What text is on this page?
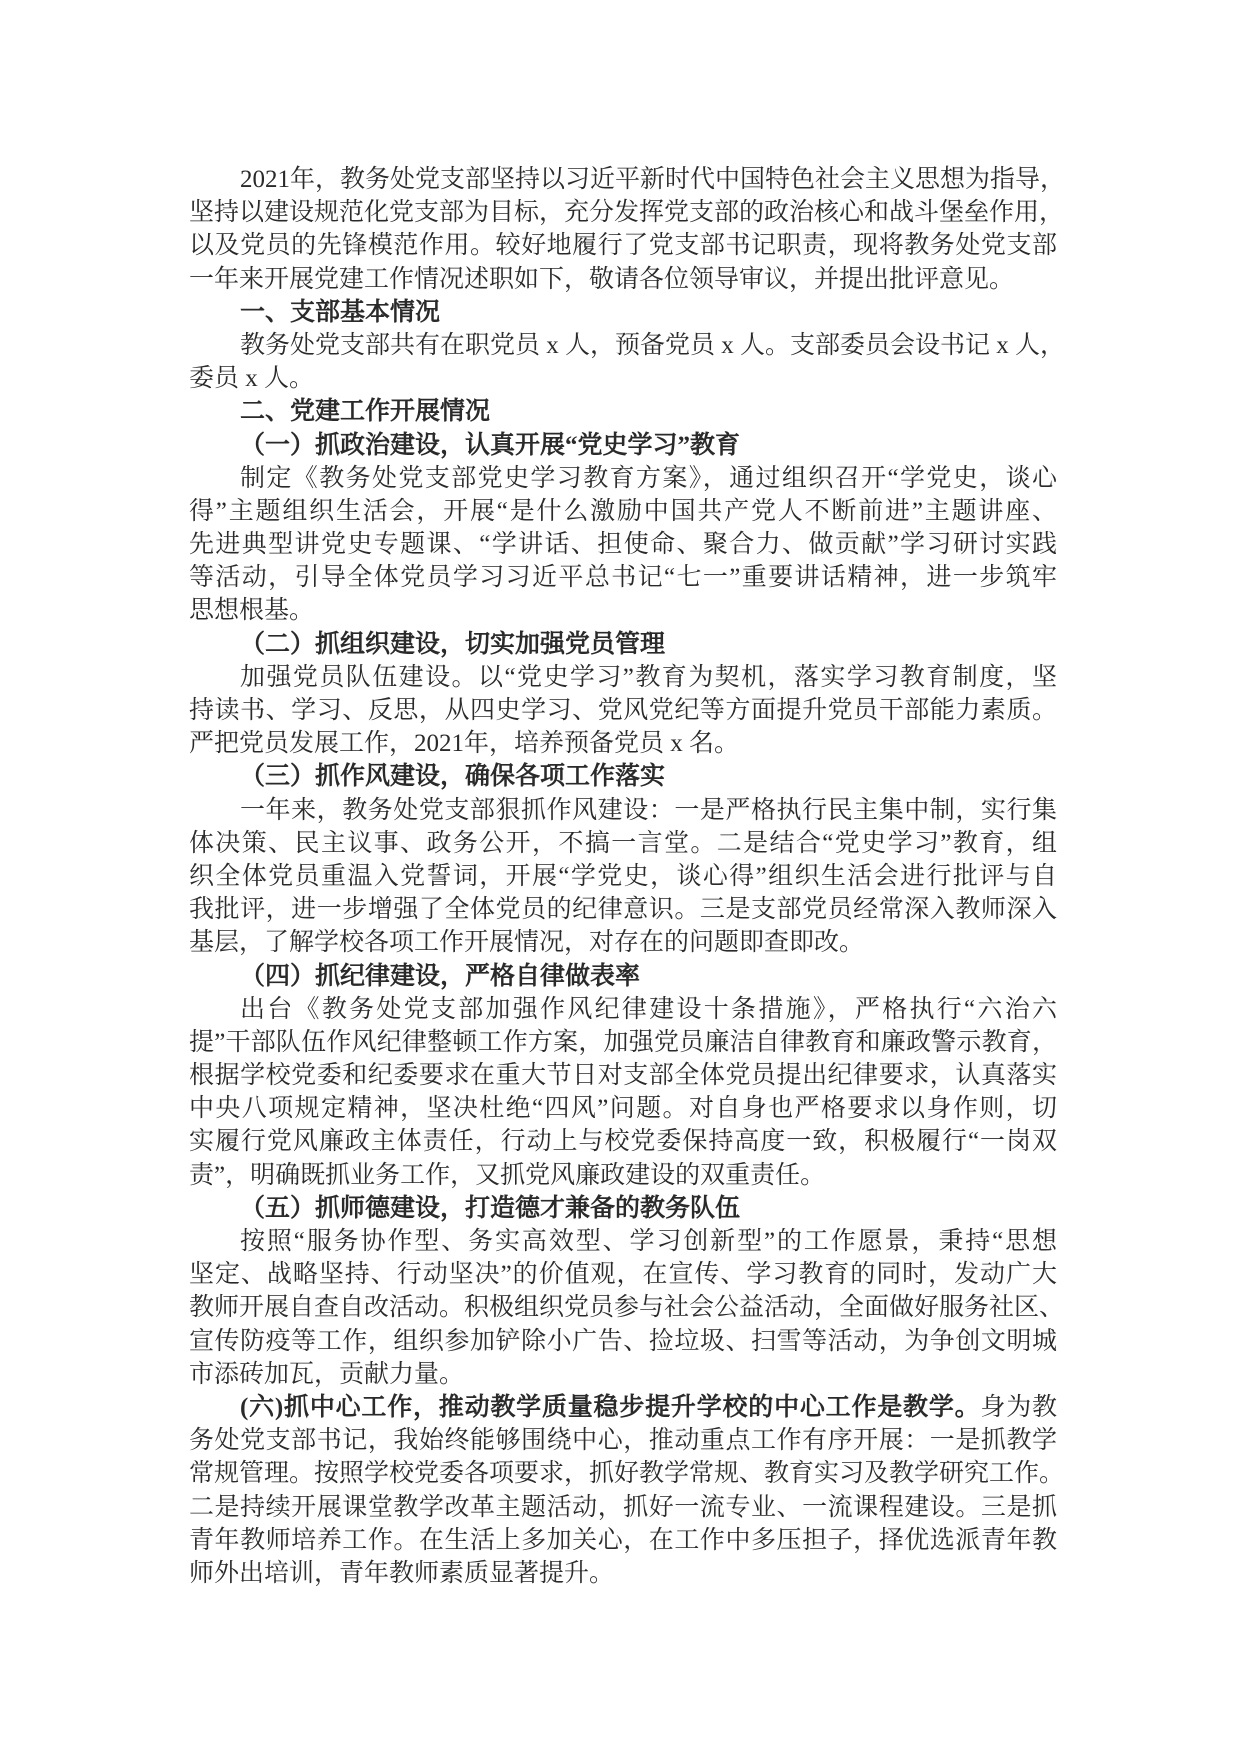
2021年，教务处党支部坚持以习近平新时代中国特色社会主义思想为指导，
坚持以建设规范化党支部为目标，充分发挥党支部的政治核心和战斗堡垒作用，
以及党员的先锋模范作用。较好地履行了党支部书记职责，现将教务处党支部
一年来开展党建工作情况述职如下，敬请各位领导审议，并提出批评意见。
一、支部基本情况
教务处党支部共有在职党员 x 人，预备党员 x 人。支部委员会设书记 x 人，
委员 x 人。
二、党建工作开展情况
（一）抓政治建设，认真开展“党史学习”教育
制定《教务处党支部党史学习教育方案》，通过组织召开“学党史，谈心
得”主题组织生活会，开展“是什么激励中国共产党人不断前进”主题讲座、
先进典型讲党史专题课、“学讲话、担使命、聚合力、做贡献”学习研讨实践
等活动，引导全体党员学习习近平总书记“七一”重要讲话精神，进一步筑牢
思想根基。
（二）抓组织建设，切实加强党员管理
加强党员队伍建设。以“党史学习”教育为契机，落实学习教育制度，坚
持读书、学习、反思，从四史学习、党风党纪等方面提升党员干部能力素质。
严把党员发展工作，2021年，培养预备党员 x 名。
（三）抓作风建设，确保各项工作落实
一年来，教务处党支部狠抓作风建设：一是严格执行民主集中制，实行集
体决策、民主议事、政务公开，不搞一言堂。二是结合“党史学习”教育，组
织全体党员重温入党誓词，开展“学党史，谈心得”组织生活会进行批评与自
我批评，进一步增强了全体党员的纪律意识。三是支部党员经常深入教师深入
基层，了解学校各项工作开展情况，对存在的问题即查即改。
（四）抓纪律建设，严格自律做表率
出台《教务处党支部加强作风纪律建设十条措施》，严格执行“六治六
提”干部队伍作风纪律整顿工作方案，加强党员廉洁自律教育和廉政警示教育，
根据学校党委和纪委要求在重大节日对支部全体党员提出纪律要求，认真落实
中央八项规定精神，坚决杜绝“四风”问题。对自身也严格要求以身作则，切
实履行党风廉政主体责任，行动上与校党委保持高度一致，积极履行“一岗双
责”，明确既抓业务工作，又抓党风廉政建设的双重责任。
（五）抓师德建设，打造德才兼备的教务队伍
按照“服务协作型、务实高效型、学习创新型”的工作愿景，秉持“思想
坚定、战略坚持、行动坚决”的价值观，在宣传、学习教育的同时，发动广大
教师开展自查自改活动。积极组织党员参与社会公益活动，全面做好服务社区、
宣传防疫等工作，组织参加铲除小广告、捡垃圾、扫雪等活动，为争创文明城
市添砖加瓦，贡献力量。
(六)抓中心工作，推动教学质量稳步提升学校的中心工作是教学。身为教
务处党支部书记，我始终能够围绕中心，推动重点工作有序开展：一是抓教学
常规管理。按照学校党委各项要求，抓好教学常规、教育实习及教学研究工作。
二是持续开展课堂教学改革主题活动，抓好一流专业、一流课程建设。三是抓
青年教师培养工作。在生活上多加关心，在工作中多压担子，择优选派青年教
师外出培训，青年教师素质显著提升。
